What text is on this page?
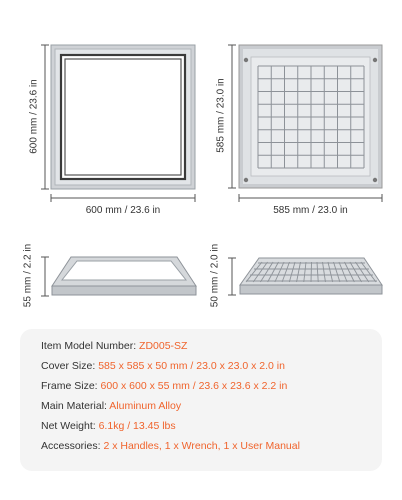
600 mm / 23.6 in
600 mm / 23.6 in
585 mm / 23.0 in
585 mm / 23.0 in
55 mm / 2.2 in	50 mm / 2.0 in
Item Model Number: ZD005-SZ
Cover Size: 585 x 585 x 50 mm / 23.0 x 23.0 x 2.0 in
Frame Size: 600 x 600 x 55 mm / 23.6 x 23.6 x 2.2 in
Main Material: Aluminum Alloy
Net Weight: 6.1kg / 13.45 lbs
Accessories: 2 x Handles, 1 x Wrench, 1 x User Manual
